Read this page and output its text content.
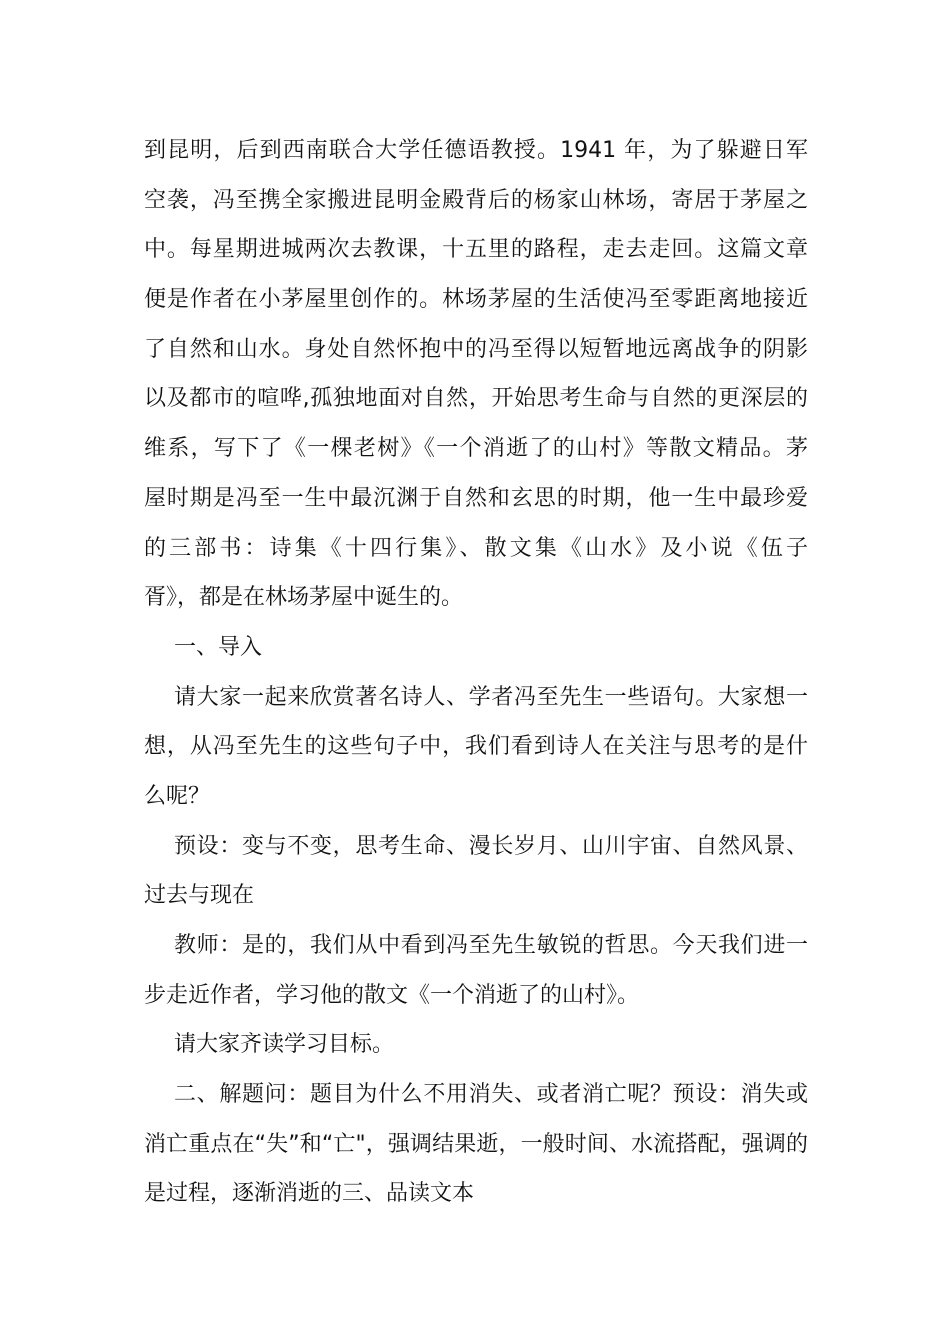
到昆明，后到西南联合大学任德语教授。1941 年，为了躲避日军
空袭，冯至携全家搬进昆明金殿背后的杨家山林场，寄居于茅屋之
中。每星期进城两次去教课，十五里的路程，走去走回。这篇文章
便是作者在小茅屋里创作的。林场茅屋的生活使冯至零距离地接近
了自然和山水。身处自然怀抱中的冯至得以短暂地远离战争的阴影
以及都市的喧哗,孤独地面对自然，开始思考生命与自然的更深层的
维系，写下了《一棵老树》《一个消逝了的山村》等散文精品。茅
屋时期是冯至一生中最沉渊于自然和玄思的时期，他一生中最珍爱
的三部书：诗集《十四行集》、散文集《山水》及小说《伍子
胥》，都是在林场茅屋中诞生的。
一、导入
请大家一起来欣赏著名诗人、学者冯至先生一些语句。大家想一
想，从冯至先生的这些句子中，我们看到诗人在关注与思考的是什
么呢？
预设：变与不变，思考生命、漫长岁月、山川宇宙、自然风景、
过去与现在
教师：是的，我们从中看到冯至先生敏锐的哲思。今天我们进一
步走近作者，学习他的散文《一个消逝了的山村》。
请大家齐读学习目标。
二、解题问：题目为什么不用消失、或者消亡呢？预设：消失或
消亡重点在“失”和“亡"，强调结果逝，一般时间、水流搭配，强调的
是过程，逐渐消逝的三、品读文本
